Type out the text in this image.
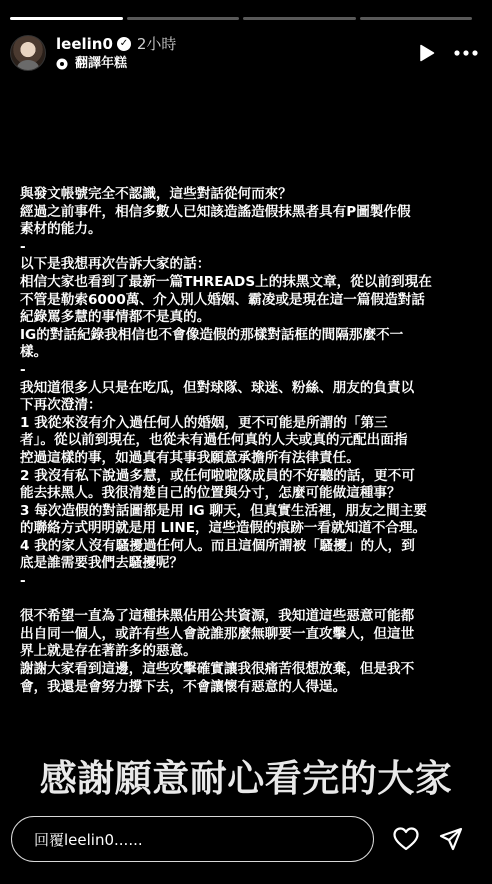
leelin0 ✓ 2小時
翻譯年糕

與發文帳號完全不認識，這些對話從何而來？

經過之前事件，相信多數人已知該造謠造假抹黑者具有P圖製作假

素材的能力。

-

以下是我想再次告訴大家的話：

相信大家也看到了最新一篇THREADS上的抹黑文章，從以前到現在

不管是勒索6000萬、介入別人婚姻、霸凌或是現在這一篇假造對話

紀錄罵多慧的事情都不是真的。

IG的對話紀錄我相信也不會像造假的那樣對話框的間隔那麼不一

樣。

-

我知道很多人只是在吃瓜，但對球隊、球迷、粉絲、朋友的負責以

下再次澄清：

1 我從來沒有介入過任何人的婚姻，更不可能是所謂的「第三

者」。從以前到現在，也從未有過任何真的人夫或真的元配出面指

控過這樣的事，如過真有其事我願意承擔所有法律責任。

2 我沒有私下說過多慧，或任何啦啦隊成員的不好聽的話，更不可

能去抹黑人。我很清楚自己的位置與分寸，怎麼可能做這種事？

3 每次造假的對話圖都是用 IG 聊天，但真實生活裡，朋友之間主要

的聯絡方式明明就是用 LINE，這些造假的痕跡一看就知道不合理。

4 我的家人沒有騷擾過任何人。而且這個所謂被「騷擾」的人，到

底是誰需要我們去騷擾呢？

-

很不希望一直為了這種抹黑佔用公共資源，我知道這些惡意可能都

出自同一個人，或許有些人會說誰那麼無聊要一直攻擊人，但這世

界上就是存在著許多的惡意。

謝謝大家看到這邊，這些攻擊確實讓我很痛苦很想放棄，但是我不

會，我還是會努力撐下去，不會讓懷有惡意的人得逞。

感謝願意耐心看完的大家
回覆leelin0......
